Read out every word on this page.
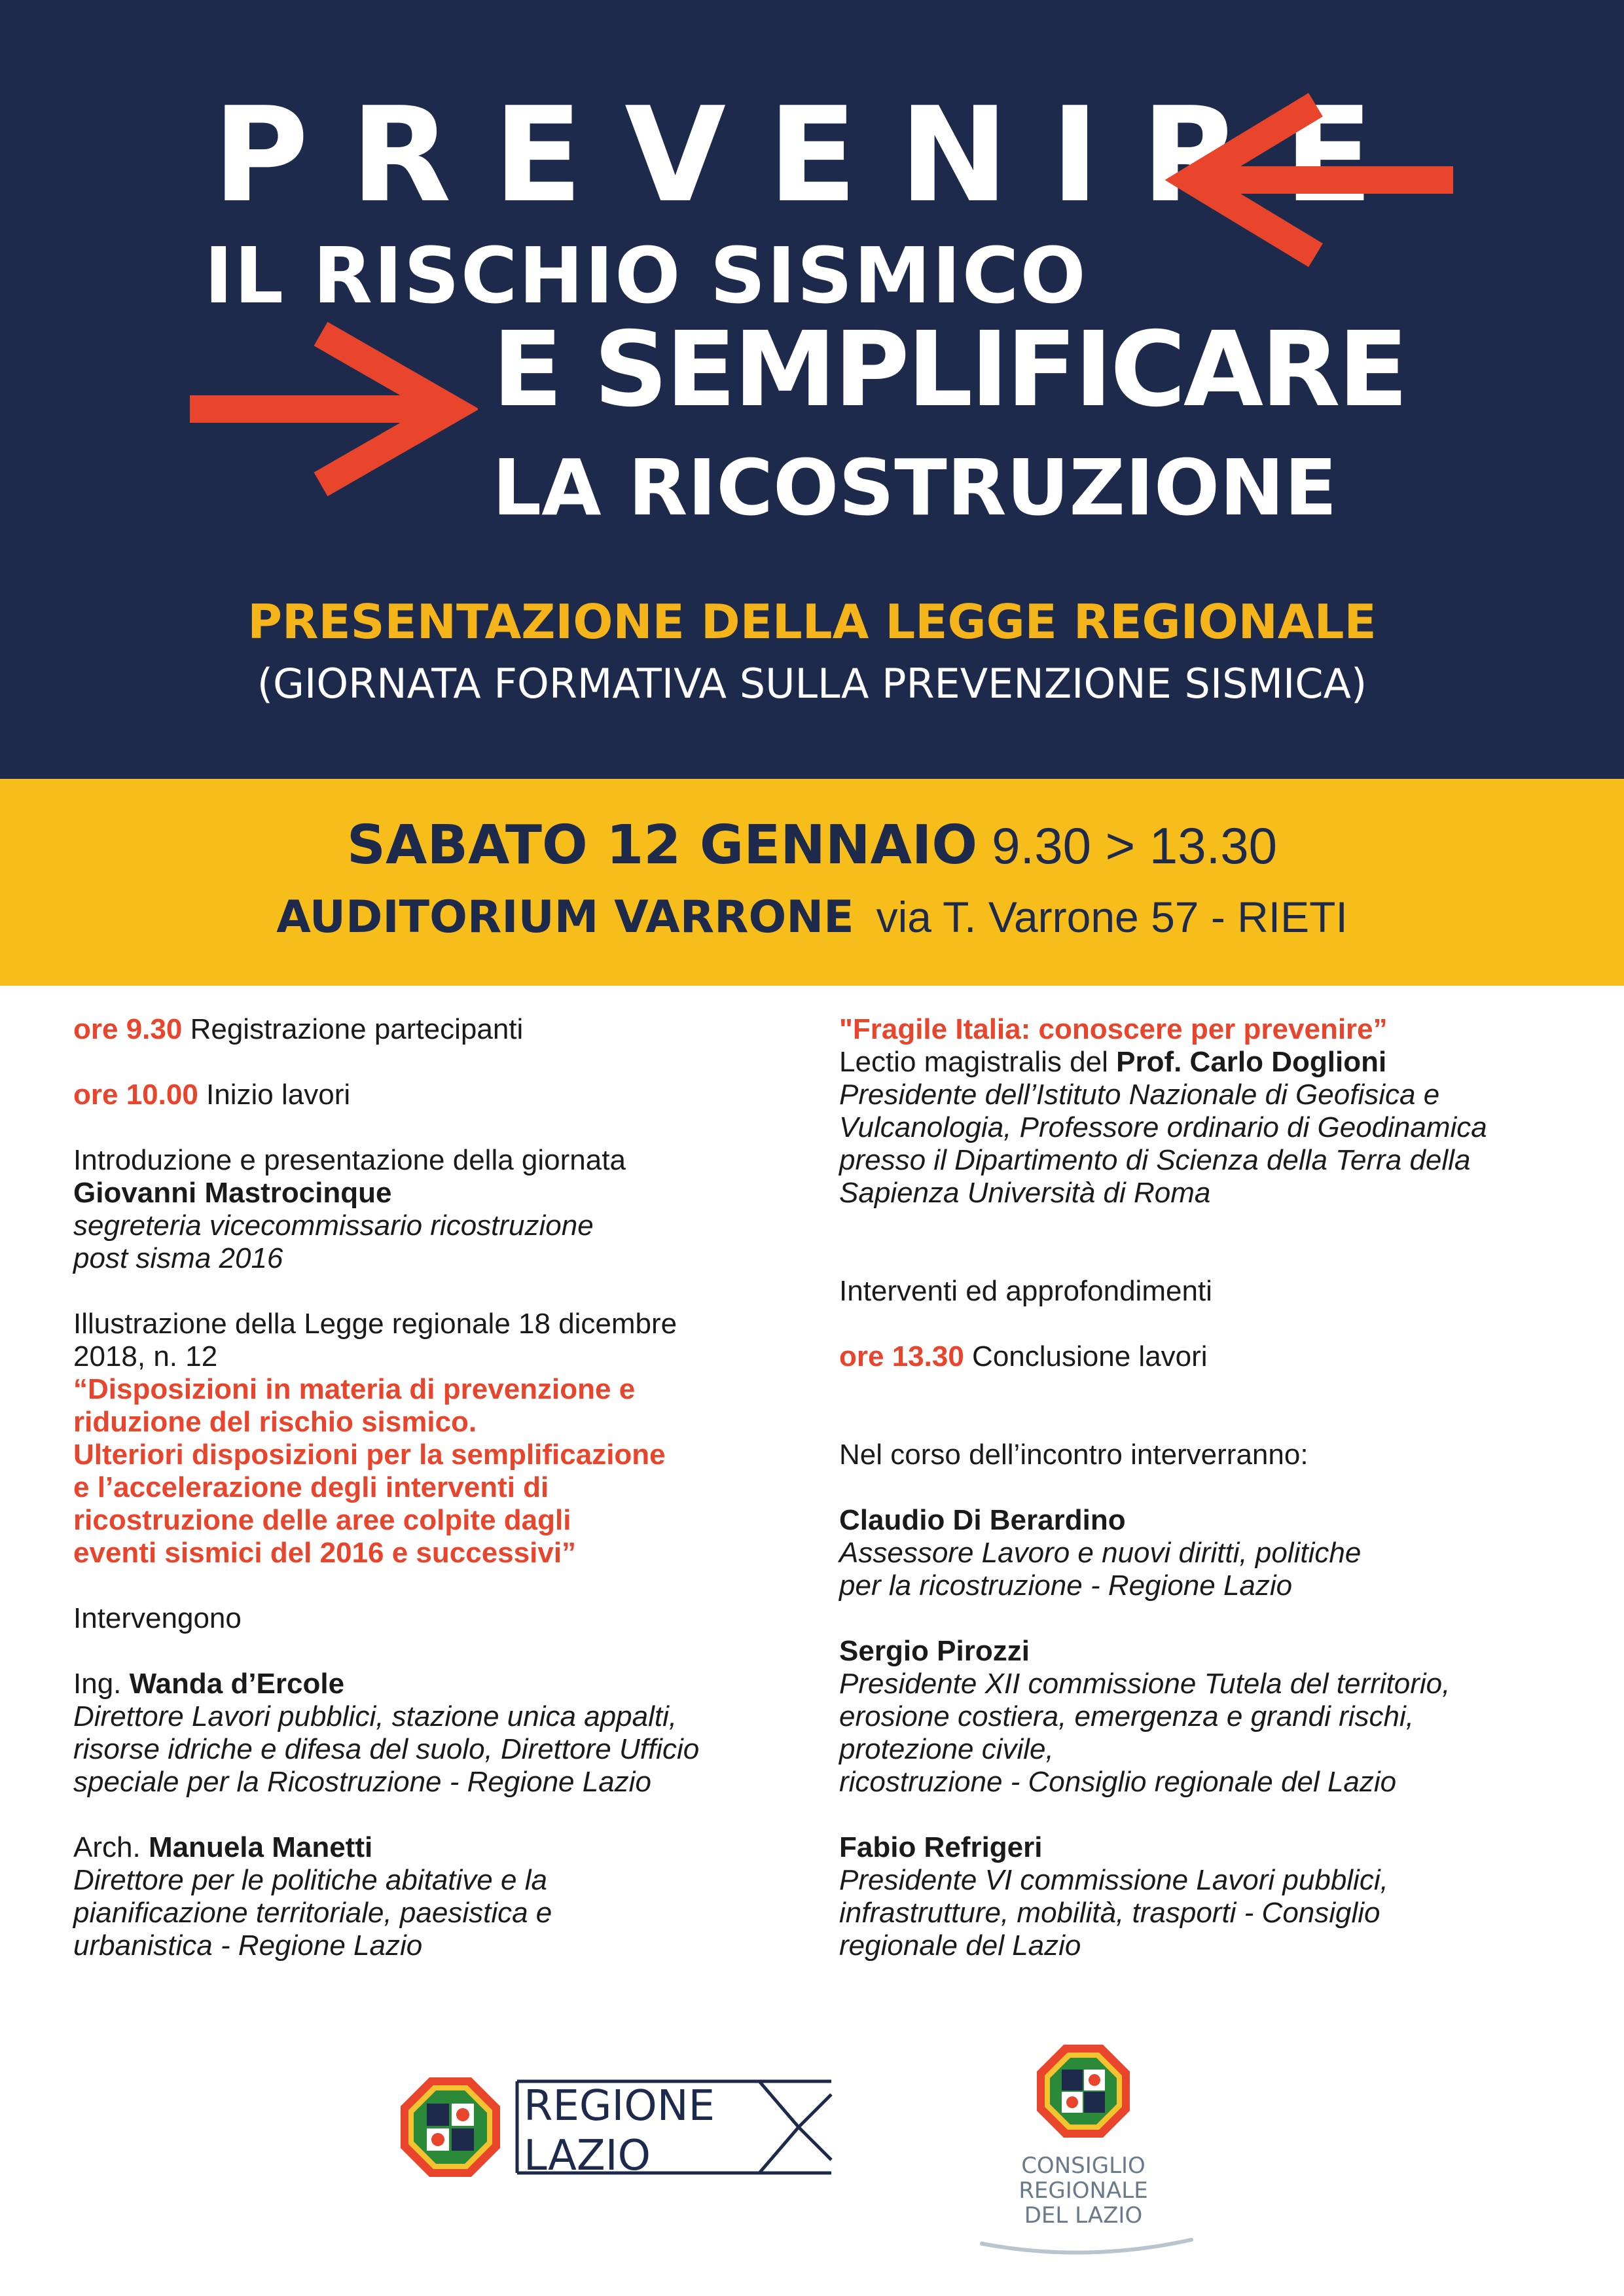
PREVENIRE
IL RISCHIO SISMICO
E SEMPLIFICARE
LA RICOSTRUZIONE
PRESENTAZIONE DELLA LEGGE REGIONALE
(GIORNATA FORMATIVA SULLA PREVENZIONE SISMICA)
SABATO 12 GENNAIO 9.30 > 13.30
AUDITORIUM VARRONE via T. Varrone 57 - RIETI
ore 9.30 Registrazione partecipanti
ore 10.00 Inizio lavori
Introduzione e presentazione della giornata
Giovanni Mastrocinque
segreteria vicecommissario ricostruzione
post sisma 2016
Illustrazione della Legge regionale 18 dicembre
2018, n. 12
“Disposizioni in materia di prevenzione e
riduzione del rischio sismico.
Ulteriori disposizioni per la semplificazione
e l’accelerazione degli interventi di
ricostruzione delle aree colpite dagli
eventi sismici del 2016 e successivi”
Intervengono
Ing. Wanda d’Ercole
Direttore Lavori pubblici, stazione unica appalti,
risorse idriche e difesa del suolo, Direttore Ufficio
speciale per la Ricostruzione - Regione Lazio
Arch. Manuela Manetti
Direttore per le politiche abitative e la
pianificazione territoriale, paesistica e
urbanistica - Regione Lazio
"Fragile Italia: conoscere per prevenire”
Lectio magistralis del Prof. Carlo Doglioni
Presidente dell’Istituto Nazionale di Geofisica e
Vulcanologia, Professore ordinario di Geodinamica
presso il Dipartimento di Scienza della Terra della
Sapienza Università di Roma
Interventi ed approfondimenti
ore 13.30 Conclusione lavori
Nel corso dell’incontro interverranno:
Claudio Di Berardino
Assessore Lavoro e nuovi diritti, politiche
per la ricostruzione - Regione Lazio
Sergio Pirozzi
Presidente XII commissione Tutela del territorio,
erosione costiera, emergenza e grandi rischi,
protezione civile,
ricostruzione - Consiglio regionale del Lazio
Fabio Refrigeri
Presidente VI commissione Lavori pubblici,
infrastrutture, mobilità, trasporti - Consiglio
regionale del Lazio
REGIONE
LAZIO	CONSIGLIO
REGIONALE
DEL LAZIO
